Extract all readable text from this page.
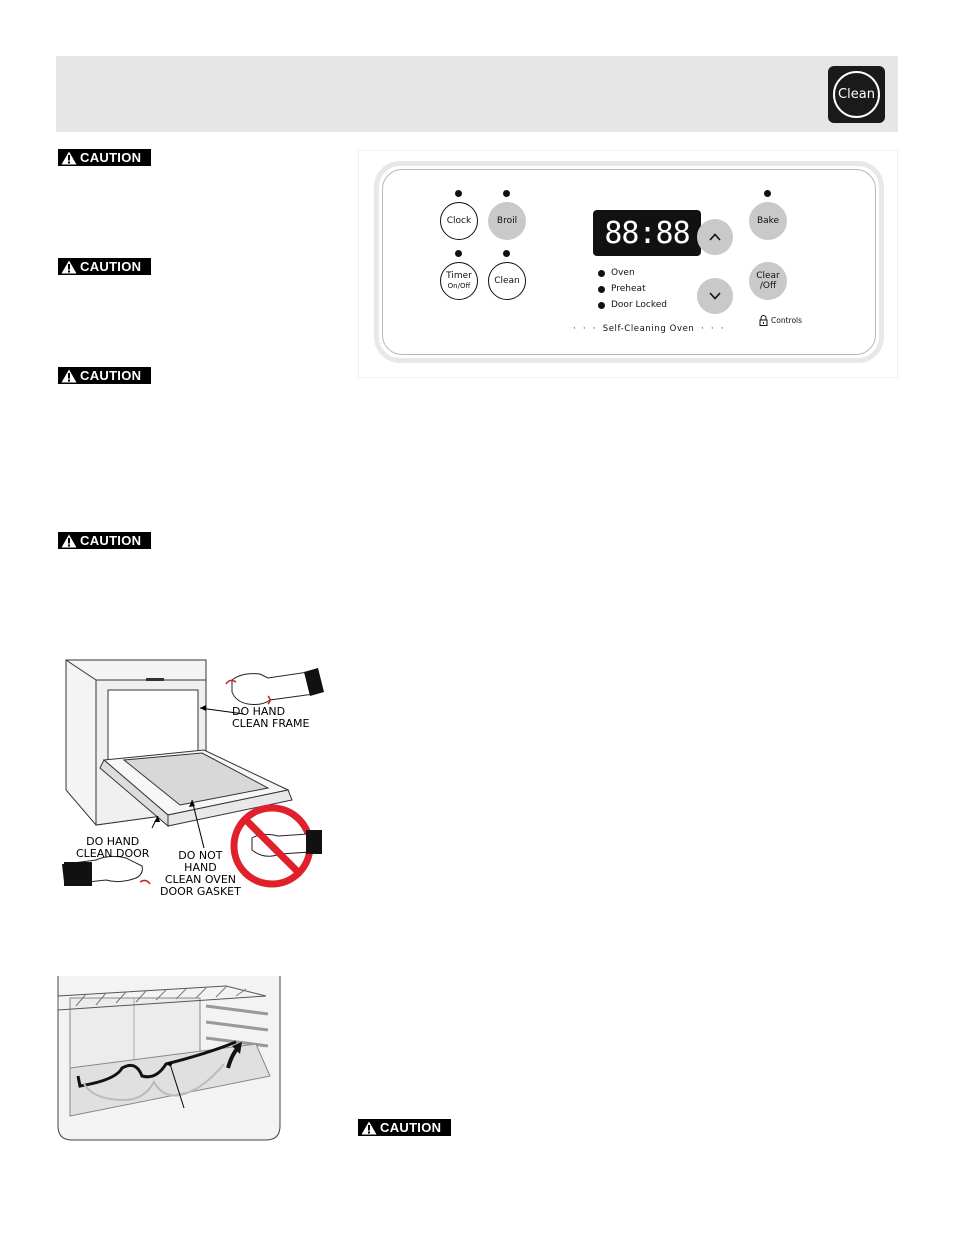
Clean
CAUTION
CAUTION
CAUTION
CAUTION
CAUTION
Clock	Broil
Timer
On/Off	Clean
88:88
Oven
Preheat
Door Locked
Bake
Clear
/Off
Controls
·  ·  ·  Self-Cleaning Oven  ·  ·  ·
DO HAND
CLEAN FRAME
DO HAND
CLEAN DOOR	DO NOT
HAND
CLEAN OVEN
DOOR GASKET
